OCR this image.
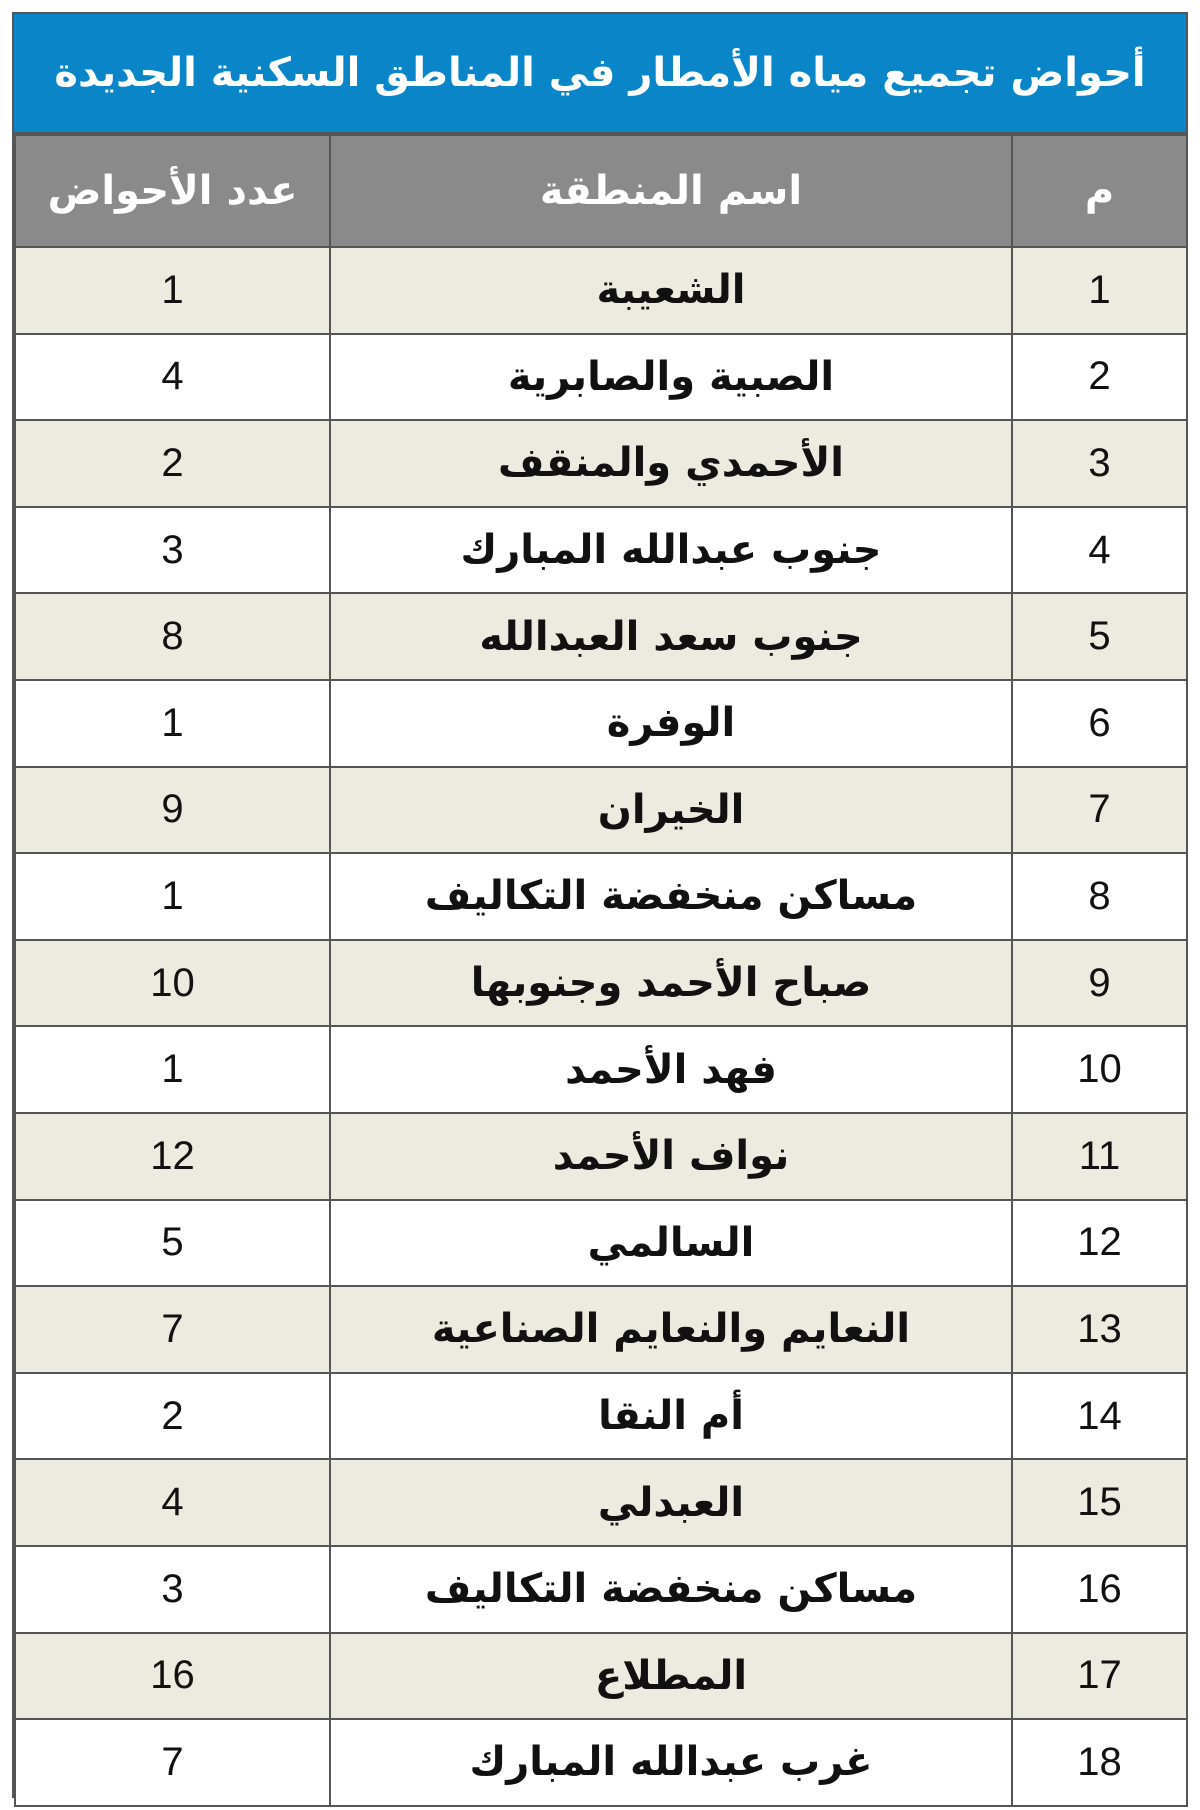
أحواض تجميع مياه الأمطار في المناطق السكنية الجديدة
م	اسم المنطقة	عدد الأحواض
1	الشعيبة	1
2	الصبية والصابرية	4
3	الأحمدي والمنقف	2
4	جنوب عبدالله المبارك	3
5	جنوب سعد العبدالله	8
6	الوفرة	1
7	الخيران	9
8	مساكن منخفضة التكاليف	1
9	صباح الأحمد وجنوبها	10
10	فهد الأحمد	1
11	نواف الأحمد	12
12	السالمي	5
13	النعايم والنعايم الصناعية	7
14	أم النقا	2
15	العبدلي	4
16	مساكن منخفضة التكاليف	3
17	المطلاع	16
18	غرب عبدالله المبارك	7
